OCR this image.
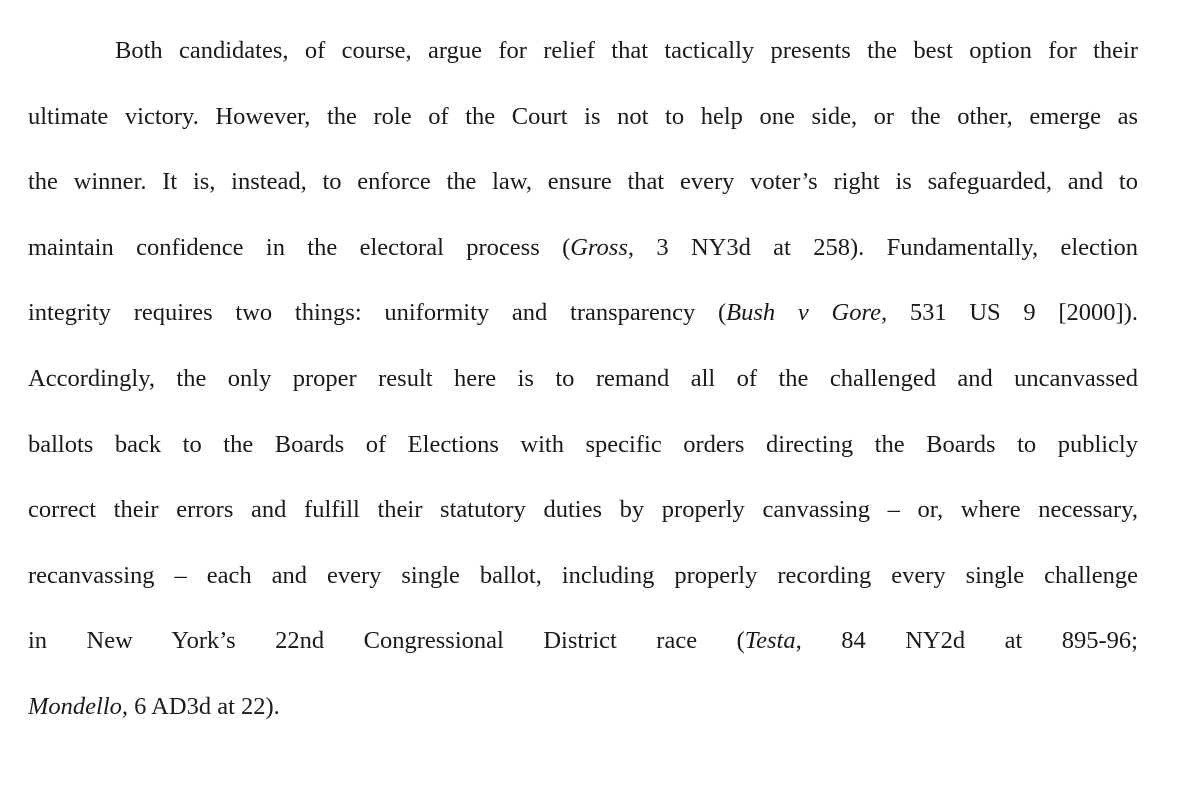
Both candidates, of course, argue for relief that tactically presents the best option for their
ultimate victory. However, the role of the Court is not to help one side, or the other, emerge as
the winner. It is, instead, to enforce the law, ensure that every voter’s right is safeguarded, and to
maintain confidence in the electoral process (Gross, 3 NY3d at 258). Fundamentally, election
integrity requires two things: uniformity and transparency (Bush v Gore, 531 US 9 [2000]).
Accordingly, the only proper result here is to remand all of the challenged and uncanvassed
ballots back to the Boards of Elections with specific orders directing the Boards to publicly
correct their errors and fulfill their statutory duties by properly canvassing – or, where necessary,
recanvassing – each and every single ballot, including properly recording every single challenge
in New York’s 22nd Congressional District race (Testa, 84 NY2d at 895-96;
Mondello, 6 AD3d at 22).
